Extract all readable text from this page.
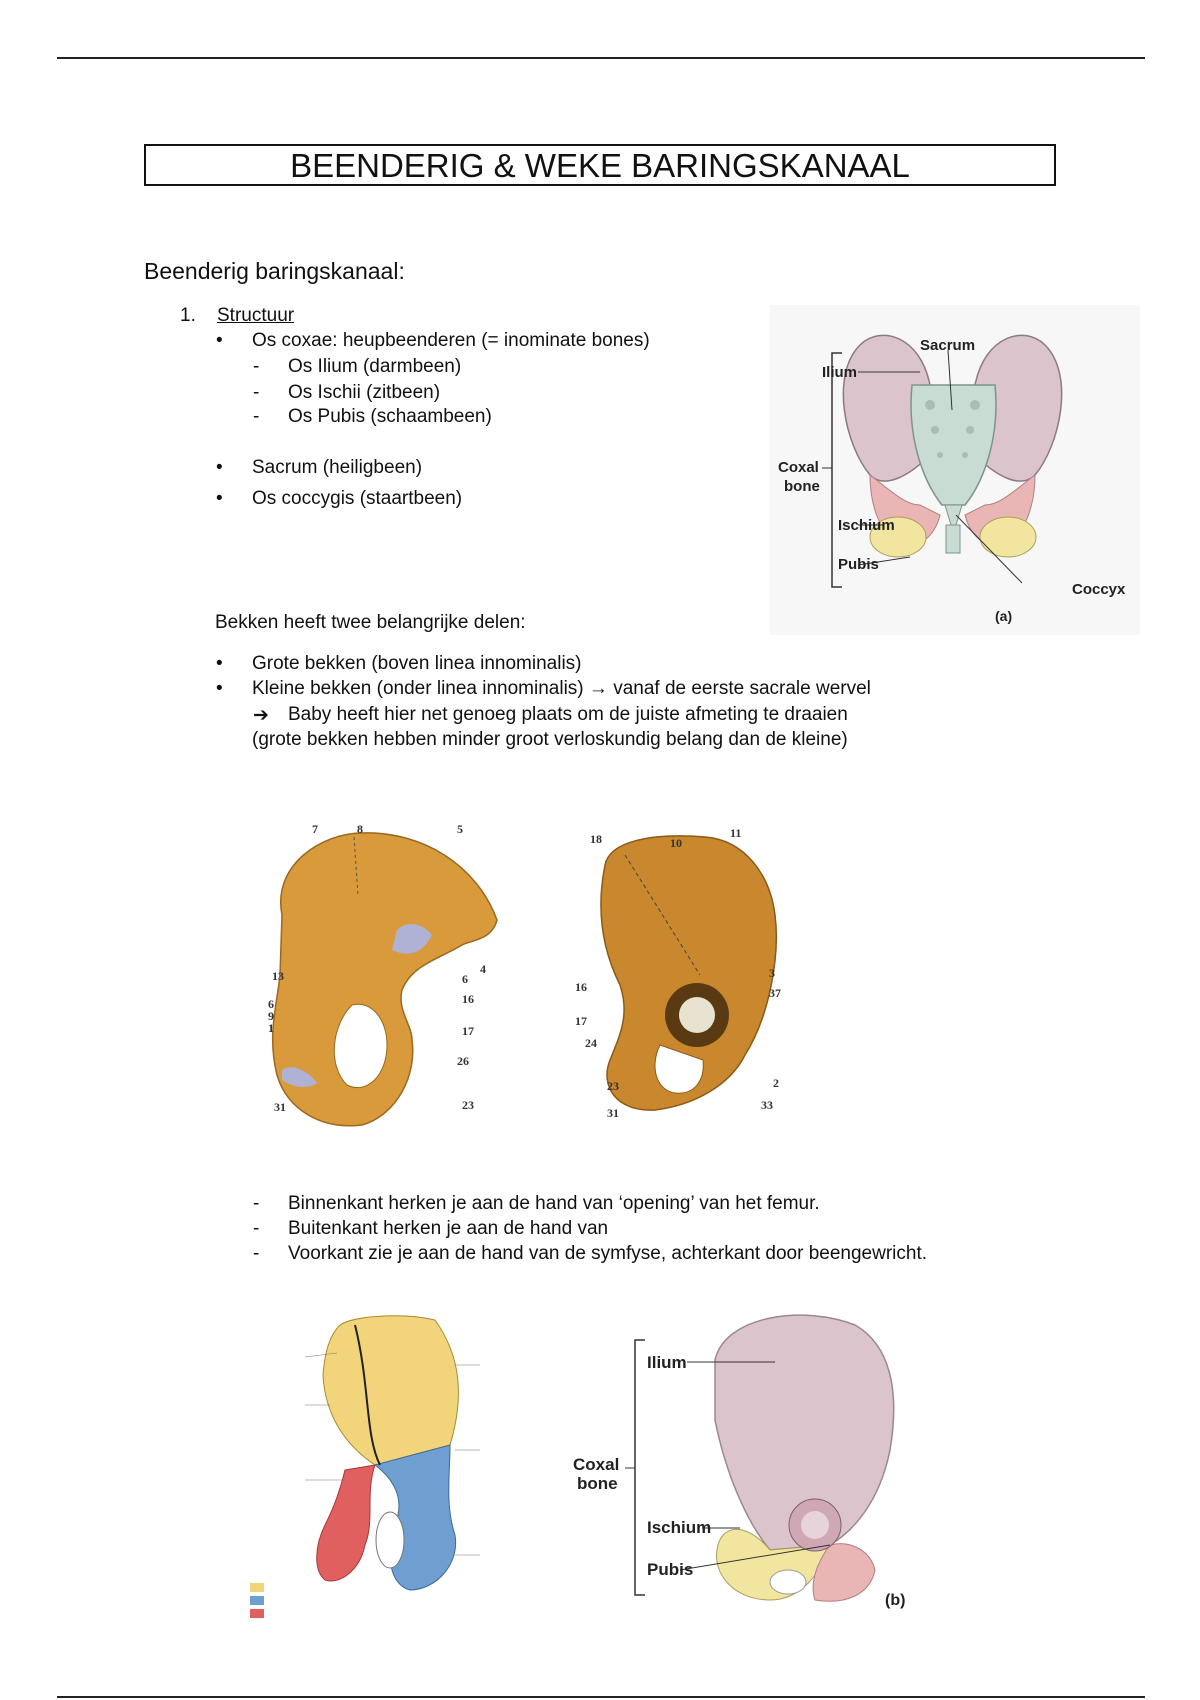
BEENDERIG & WEKE BARINGSKANAAL
Beenderig baringskanaal:
1. Structuur
• Os coxae: heupbeenderen (= inominate bones)
- Os Ilium (darmbeen)
- Os Ischii (zitbeen)
- Os Pubis (schaambeen)
• Sacrum (heiligbeen)
• Os coccygis (staartbeen)
Bekken heeft twee belangrijke delen:
• Grote bekken (boven linea innominalis)
• Kleine bekken (onder linea innominalis) → vanaf de eerste sacrale wervel
➔ Baby heeft hier net genoeg plaats om de juiste afmeting te draaien
(grote bekken hebben minder groot verloskundig belang dan de kleine)
- Binnenkant herken je aan de hand van ‘opening’ van het femur.
- Buitenkant herken je aan de hand van
- Voorkant zie je aan de hand van de symfyse, achterkant door beengewricht.
Sacrum
Ilium
Coxal
bone
Ischium
Pubis
Coccyx
(a)
7	8	5
4
13	6
16
6
9
1	17
26
31	23
18	10
11
3
16	37
17
24
23
31
2
33
Ilium
Coxal
bone
Ischium
Pubis
(b)
